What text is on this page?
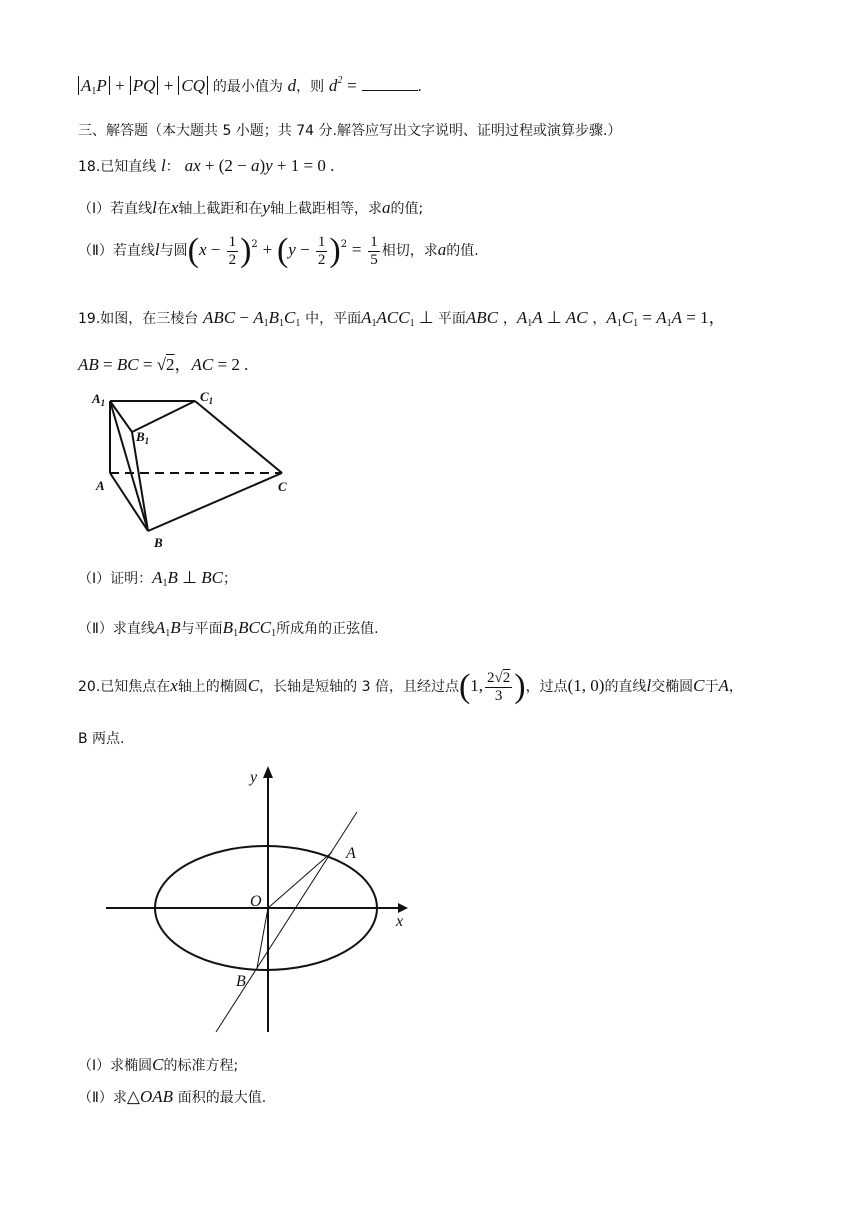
$A_1P$ + PQ + CQ 的最小值为 d，则 $d^2$ =	.
三、解答题（本大题共 5 小题；共 74 分.解答应写出文字说明、证明过程或演算步骤.）
18.已知直线 l： ax + (2 − a)y + 1 = 0 .
（Ⅰ）若直线l在x轴上截距和在y轴上截距相等，求a的值;
（Ⅱ）若直线l与圆$(x - \frac{1}{2} )^2 + (y - \frac{1}{2} )^2 = \frac{1}{5}$ 相切，求a的值.
19.如图，在三棱台 ABC − $A_1B_1C_1$ 中，平面$A_1ACC_1$ ⊥ 平面ABC ，$A_1A$ ⊥ AC ，$A_1C_1 = A_1A = 1$，
AB = BC = √2，AC = 2 .
$A_1$	$C_1$
$B_1$
A	C
B
（Ⅰ）证明：$A_1B$ ⊥ BC；
（Ⅱ）求直线$A_1B$与平面$B_1BCC_1$所成角的正弦值.
20.已知焦点在x轴上的椭圆C，长轴是短轴的 3 倍，且经过点(1, $\frac{2√2}{3}$ )，过点(1, 0)的直线l交椭圆C于A，
B 两点.
y
x
O
A
B
（Ⅰ）求椭圆C的标准方程;
（Ⅱ）求△OAB 面积的最大值.
